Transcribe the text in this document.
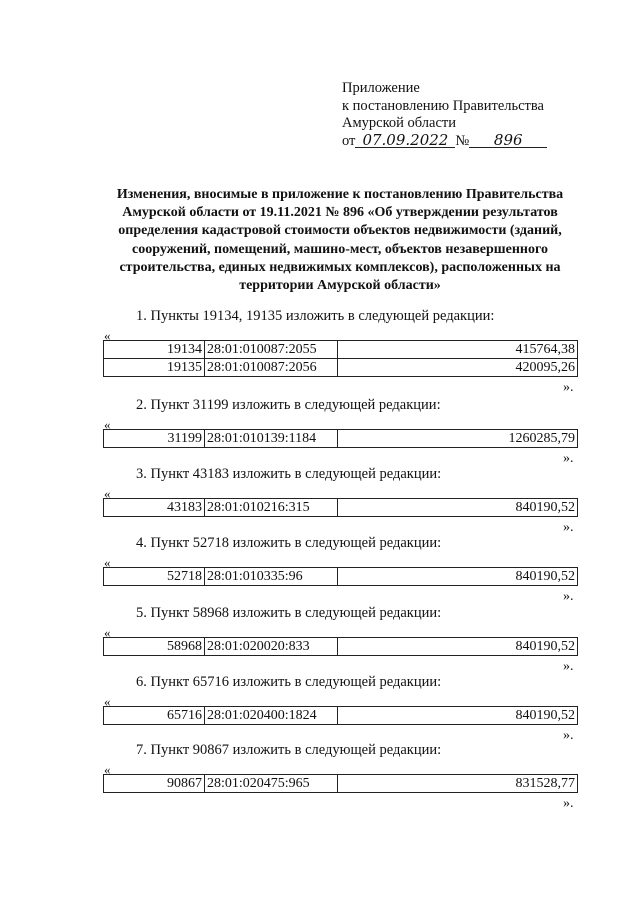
Приложение
к постановлению Правительства
Амурской области
от 07.09.2022 № 896
Изменения, вносимые в приложение к постановлению Правительства Амурской области от 19.11.2021 № 896 «Об утверждении результатов определения кадастровой стоимости объектов недвижимости (зданий, сооружений, помещений, машино-мест, объектов незавершенного строительства, единых недвижимых комплексов), расположенных на территории Амурской области»
1. Пункты 19134, 19135 изложить в следующей редакции:
«
19134	28:01:010087:2055	415764,38
19135	28:01:010087:2056	420095,26
».
2. Пункт 31199 изложить в следующей редакции:
«
31199	28:01:010139:1184	1260285,79
».
3. Пункт 43183 изложить в следующей редакции:
«
43183	28:01:010216:315	840190,52
».
4. Пункт 52718 изложить в следующей редакции:
«
52718	28:01:010335:96	840190,52
».
5. Пункт 58968 изложить в следующей редакции:
«
58968	28:01:020020:833	840190,52
».
6. Пункт 65716 изложить в следующей редакции:
«
65716	28:01:020400:1824	840190,52
».
7. Пункт 90867 изложить в следующей редакции:
«
90867	28:01:020475:965	831528,77
».
